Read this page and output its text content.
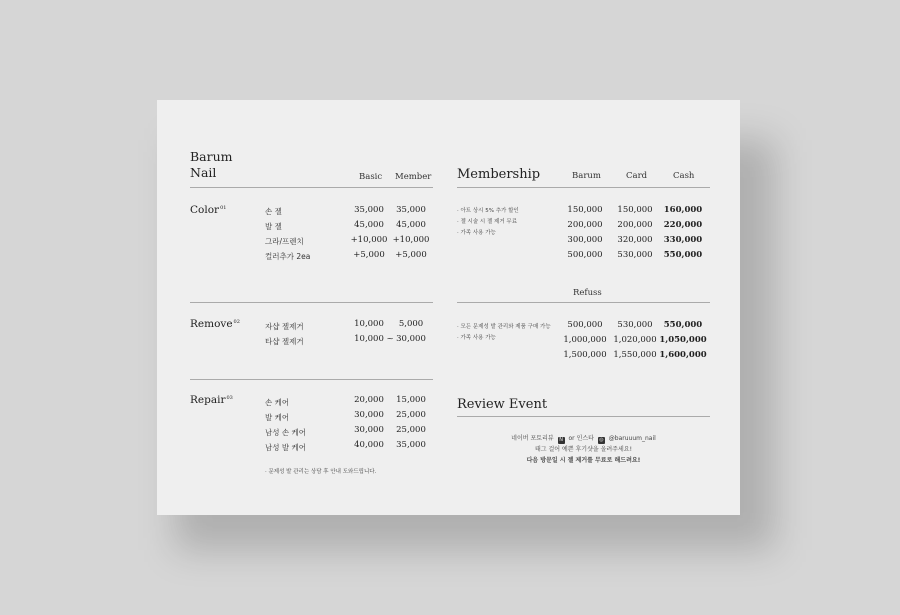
Barum
Nail	Basic Member
Color$^{01}$	손 젤	35,000	35,000
발 젤	45,000	45,000
그라/프렌치	+10,000 +10,000
컬러추가 2ea	+5,000	+5,000
Remove$^{02}$
자샵 젤제거	10,000	5,000
타샵 젤제거	10,000 ~ 30,000
Repair$^{03}$
손 케어	20,000	15,000
발 케어	30,000	25,000
남성 손 케어	30,000	25,000
남성 발 케어	40,000	35,000
· 문제성 발 관리는 상담 후 안내 도와드립니다.
Membership	Barum	Card	Cash
· 아트 상시 5% 추가 할인
· 젤 시술 시 젤 제거 무료
· 가족 사용 가능
150,000	150,000	160,000
200,000	200,000	220,000
300,000	320,000	330,000
500,000	530,000	550,000
Refuss
· 모든 문제성 발 관리와 제품 구매 가능
· 가족 사용 가능
500,000	530,000	550,000
1,000,000 1,020,000 1,050,000
1,500,000 1,550,000 1,600,000
Review Event
네이버 포토리뷰 N or 인스타 ◎ @baruuum_nail
태그 걸어 예쁜 후기샷을 올려주세요!
다음 방문일 시 젤 제거를 무료로 해드려요!
